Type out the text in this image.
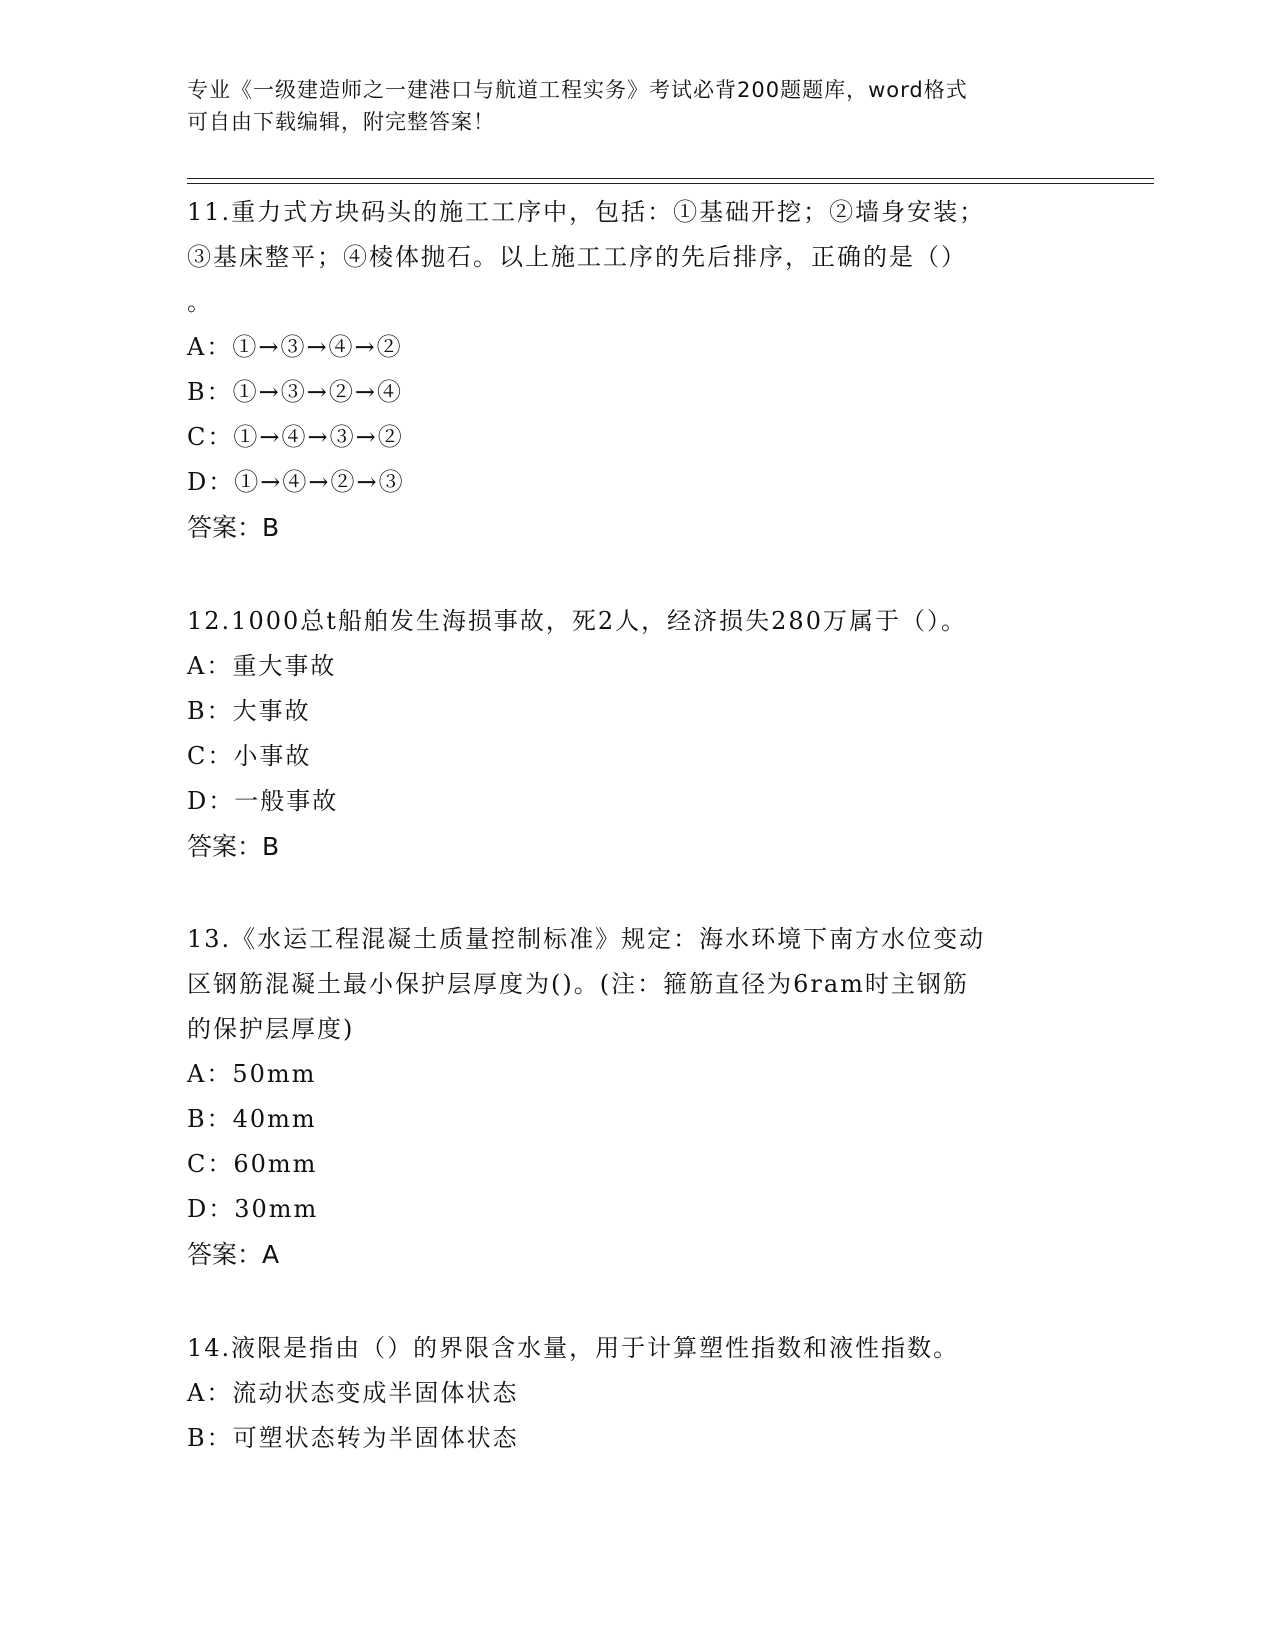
专业《一级建造师之一建港口与航道工程实务》考试必背200题题库，word格式
可自由下载编辑，附完整答案！

11.重力式方块码头的施工工序中，包括：①基础开挖；②墙身安装；

③基床整平；④棱体抛石。以上施工工序的先后排序，正确的是（）

。

A：①→③→④→②

B：①→③→②→④

C：①→④→③→②

D：①→④→②→③

答案：B

12.1000总t船舶发生海损事故，死2人，经济损失280万属于（）。

A：重大事故

B：大事故

C：小事故

D：一般事故

答案：B

13.《水运工程混凝土质量控制标准》规定：海水环境下南方水位变动

区钢筋混凝土最小保护层厚度为()。(注：箍筋直径为6ram时主钢筋

的保护层厚度)

A：50mm

B：40mm

C：60mm

D：30mm

答案：A

14.液限是指由（）的界限含水量，用于计算塑性指数和液性指数。

A：流动状态变成半固体状态

B：可塑状态转为半固体状态
